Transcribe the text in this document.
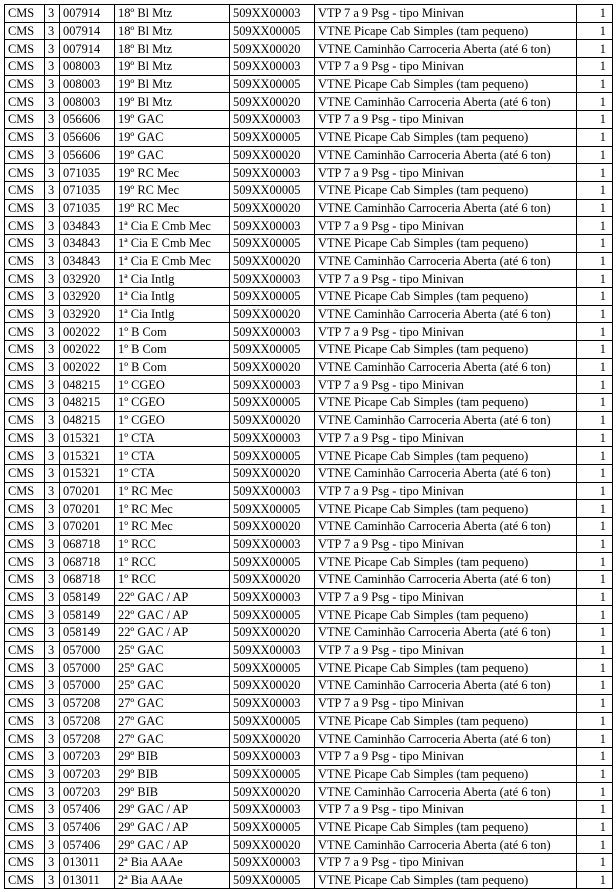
CMS	3	007914	18º Bl Mtz	509XX00003	VTP 7 a 9 Psg - tipo Minivan	1
CMS	3	007914	18º Bl Mtz	509XX00005	VTNE Picape Cab Simples (tam pequeno)	1
CMS	3	007914	18º Bl Mtz	509XX00020	VTNE Caminhão Carroceria Aberta (até 6 ton)	1
CMS	3	008003	19º Bl Mtz	509XX00003	VTP 7 a 9 Psg - tipo Minivan	1
CMS	3	008003	19º Bl Mtz	509XX00005	VTNE Picape Cab Simples (tam pequeno)	1
CMS	3	008003	19º Bl Mtz	509XX00020	VTNE Caminhão Carroceria Aberta (até 6 ton)	1
CMS	3	056606	19º GAC	509XX00003	VTP 7 a 9 Psg - tipo Minivan	1
CMS	3	056606	19º GAC	509XX00005	VTNE Picape Cab Simples (tam pequeno)	1
CMS	3	056606	19º GAC	509XX00020	VTNE Caminhão Carroceria Aberta (até 6 ton)	1
CMS	3	071035	19º RC Mec	509XX00003	VTP 7 a 9 Psg - tipo Minivan	1
CMS	3	071035	19º RC Mec	509XX00005	VTNE Picape Cab Simples (tam pequeno)	1
CMS	3	071035	19º RC Mec	509XX00020	VTNE Caminhão Carroceria Aberta (até 6 ton)	1
CMS	3	034843	1ª Cia E Cmb Mec	509XX00003	VTP 7 a 9 Psg - tipo Minivan	1
CMS	3	034843	1ª Cia E Cmb Mec	509XX00005	VTNE Picape Cab Simples (tam pequeno)	1
CMS	3	034843	1ª Cia E Cmb Mec	509XX00020	VTNE Caminhão Carroceria Aberta (até 6 ton)	1
CMS	3	032920	1ª Cia Intlg	509XX00003	VTP 7 a 9 Psg - tipo Minivan	1
CMS	3	032920	1ª Cia Intlg	509XX00005	VTNE Picape Cab Simples (tam pequeno)	1
CMS	3	032920	1ª Cia Intlg	509XX00020	VTNE Caminhão Carroceria Aberta (até 6 ton)	1
CMS	3	002022	1º B Com	509XX00003	VTP 7 a 9 Psg - tipo Minivan	1
CMS	3	002022	1º B Com	509XX00005	VTNE Picape Cab Simples (tam pequeno)	1
CMS	3	002022	1º B Com	509XX00020	VTNE Caminhão Carroceria Aberta (até 6 ton)	1
CMS	3	048215	1º CGEO	509XX00003	VTP 7 a 9 Psg - tipo Minivan	1
CMS	3	048215	1º CGEO	509XX00005	VTNE Picape Cab Simples (tam pequeno)	1
CMS	3	048215	1º CGEO	509XX00020	VTNE Caminhão Carroceria Aberta (até 6 ton)	1
CMS	3	015321	1º CTA	509XX00003	VTP 7 a 9 Psg - tipo Minivan	1
CMS	3	015321	1º CTA	509XX00005	VTNE Picape Cab Simples (tam pequeno)	1
CMS	3	015321	1º CTA	509XX00020	VTNE Caminhão Carroceria Aberta (até 6 ton)	1
CMS	3	070201	1º RC Mec	509XX00003	VTP 7 a 9 Psg - tipo Minivan	1
CMS	3	070201	1º RC Mec	509XX00005	VTNE Picape Cab Simples (tam pequeno)	1
CMS	3	070201	1º RC Mec	509XX00020	VTNE Caminhão Carroceria Aberta (até 6 ton)	1
CMS	3	068718	1º RCC	509XX00003	VTP 7 a 9 Psg - tipo Minivan	1
CMS	3	068718	1º RCC	509XX00005	VTNE Picape Cab Simples (tam pequeno)	1
CMS	3	068718	1º RCC	509XX00020	VTNE Caminhão Carroceria Aberta (até 6 ton)	1
CMS	3	058149	22º GAC / AP	509XX00003	VTP 7 a 9 Psg - tipo Minivan	1
CMS	3	058149	22º GAC / AP	509XX00005	VTNE Picape Cab Simples (tam pequeno)	1
CMS	3	058149	22º GAC / AP	509XX00020	VTNE Caminhão Carroceria Aberta (até 6 ton)	1
CMS	3	057000	25º GAC	509XX00003	VTP 7 a 9 Psg - tipo Minivan	1
CMS	3	057000	25º GAC	509XX00005	VTNE Picape Cab Simples (tam pequeno)	1
CMS	3	057000	25º GAC	509XX00020	VTNE Caminhão Carroceria Aberta (até 6 ton)	1
CMS	3	057208	27º GAC	509XX00003	VTP 7 a 9 Psg - tipo Minivan	1
CMS	3	057208	27º GAC	509XX00005	VTNE Picape Cab Simples (tam pequeno)	1
CMS	3	057208	27º GAC	509XX00020	VTNE Caminhão Carroceria Aberta (até 6 ton)	1
CMS	3	007203	29º BIB	509XX00003	VTP 7 a 9 Psg - tipo Minivan	1
CMS	3	007203	29º BIB	509XX00005	VTNE Picape Cab Simples (tam pequeno)	1
CMS	3	007203	29º BIB	509XX00020	VTNE Caminhão Carroceria Aberta (até 6 ton)	1
CMS	3	057406	29º GAC / AP	509XX00003	VTP 7 a 9 Psg - tipo Minivan	1
CMS	3	057406	29º GAC / AP	509XX00005	VTNE Picape Cab Simples (tam pequeno)	1
CMS	3	057406	29º GAC / AP	509XX00020	VTNE Caminhão Carroceria Aberta (até 6 ton)	1
CMS	3	013011	2ª Bia AAAe	509XX00003	VTP 7 a 9 Psg - tipo Minivan	1
CMS	3	013011	2ª Bia AAAe	509XX00005	VTNE Picape Cab Simples (tam pequeno)	1
